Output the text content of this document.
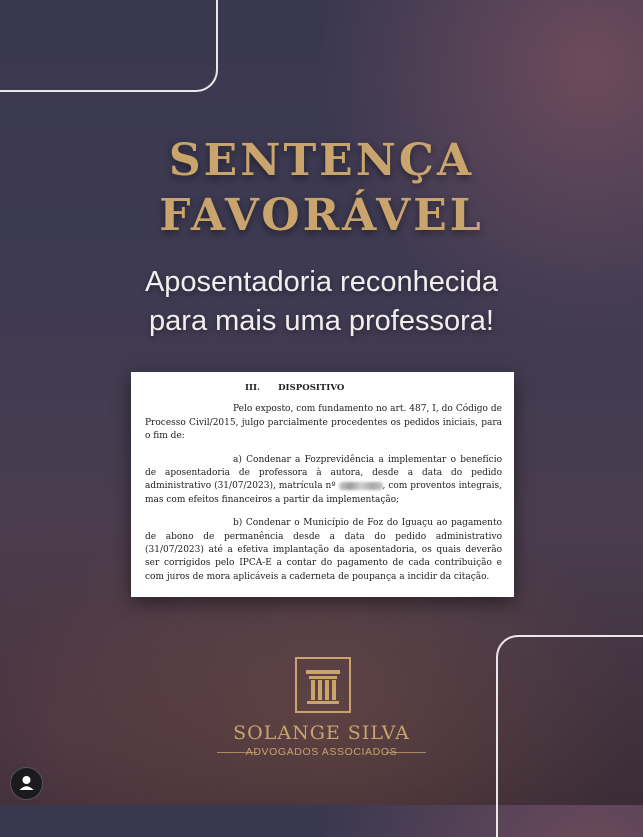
SENTENÇA
FAVORÁVEL
Aposentadoria reconhecida
para mais uma professora!
III. DISPOSITIVO

Pelo exposto, com fundamento no art. 487, I, do Código de Processo Civil/2015, julgo parcialmente procedentes os pedidos iniciais, para o fim de:

a) Condenar a Fozprevidência a implementar o benefício de aposentadoria de professora à autora, desde a data do pedido administrativo (31/07/2023), matrícula nº	, com proventos integrais, mas com efeitos financeiros a partir da implementação;

b) Condenar o Município de Foz do Iguaçu ao pagamento de abono de permanência desde a data do pedido administrativo (31/07/2023) até a efetiva implantação da aposentadoria, os quais deverão ser corrigidos pelo IPCA-E a contar do pagamento de cada contribuição e com juros de mora aplicáveis a caderneta de poupança a incidir da citação.

SOLANGE SILVA
ADVOGADOS ASSOCIADOS
